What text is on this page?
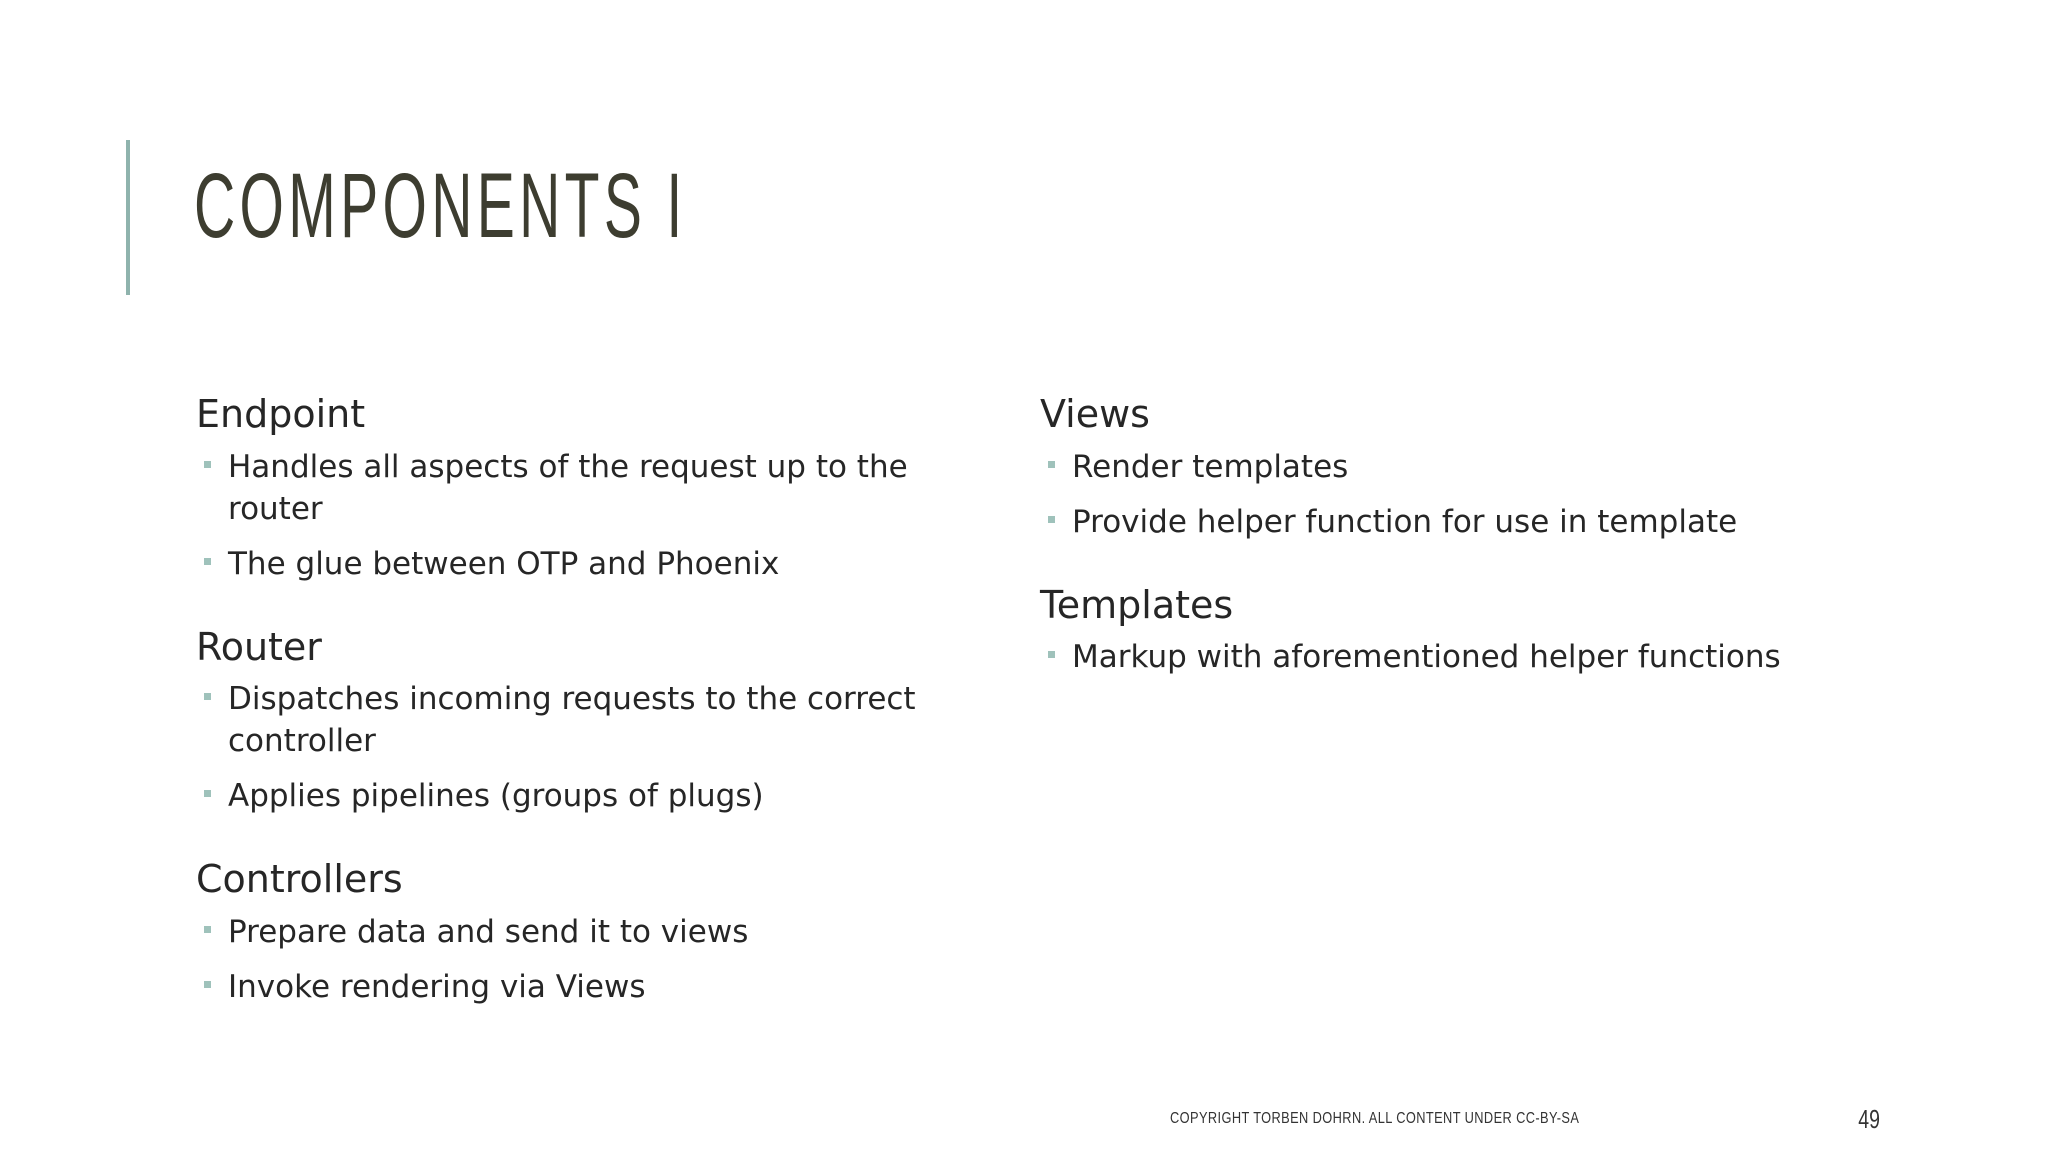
COMPONENTS I
Endpoint
Handles all aspects of the request up to the router
The glue between OTP and Phoenix
Router
Dispatches incoming requests to the correct controller
Applies pipelines (groups of plugs)
Controllers
Prepare data and send it to views
Invoke rendering via Views
Views
Render templates
Provide helper function for use in template
Templates
Markup with aforementioned helper functions
COPYRIGHT TORBEN DOHRN. ALL CONTENT UNDER CC-BY-SA	49
